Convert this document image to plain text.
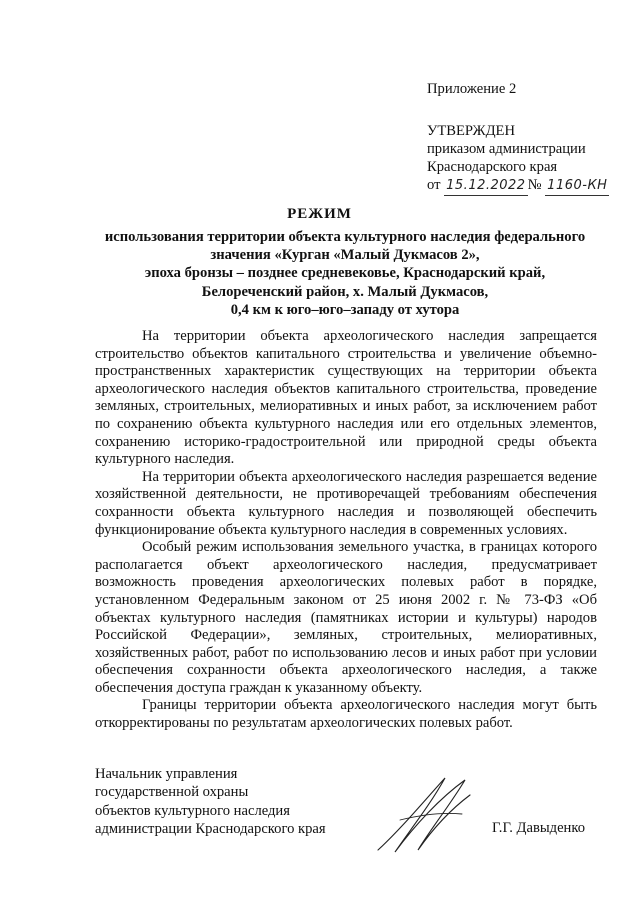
Приложение 2
УТВЕРЖДЕН
приказом администрации
Краснодарского края
от 15.12.2022 № 1160-КН
РЕЖИМ
использования территории объекта культурного наследия федерального
значения «Курган «Малый Дукмасов 2»,
эпоха бронзы – позднее средневековье, Краснодарский край,
Белореченский район, х. Малый Дукмасов,
0,4 км к юго–юго–западу от хутора

На территории объекта археологического наследия запрещается строительство объектов капитального строительства и увеличение объемно-пространственных характеристик существующих на территории объекта археологического наследия объектов капитального строительства, проведение земляных, строительных, мелиоративных и иных работ, за исключением работ по сохранению объекта культурного наследия или его отдельных элементов, сохранению историко-градостроительной или природной среды объекта культурного наследия.

На территории объекта археологического наследия разрешается ведение хозяйственной деятельности, не противоречащей требованиям обеспечения сохранности объекта культурного наследия и позволяющей обеспечить функционирование объекта культурного наследия в современных условиях.

Особый режим использования земельного участка, в границах которого располагается объект археологического наследия, предусматривает возможность проведения археологических полевых работ в порядке, установленном Федеральным законом от 25 июня 2002 г. № 73-ФЗ «Об объектах культурного наследия (памятниках истории и культуры) народов Российской Федерации», земляных, строительных, мелиоративных, хозяйственных работ, работ по использованию лесов и иных работ при условии обеспечения сохранности объекта археологического наследия, а также обеспечения доступа граждан к указанному объекту.

Границы территории объекта археологического наследия могут быть откорректированы по результатам археологических полевых работ.

Начальник управления
государственной охраны
объектов культурного наследия
администрации Краснодарского края	Г.Г. Давыденко
